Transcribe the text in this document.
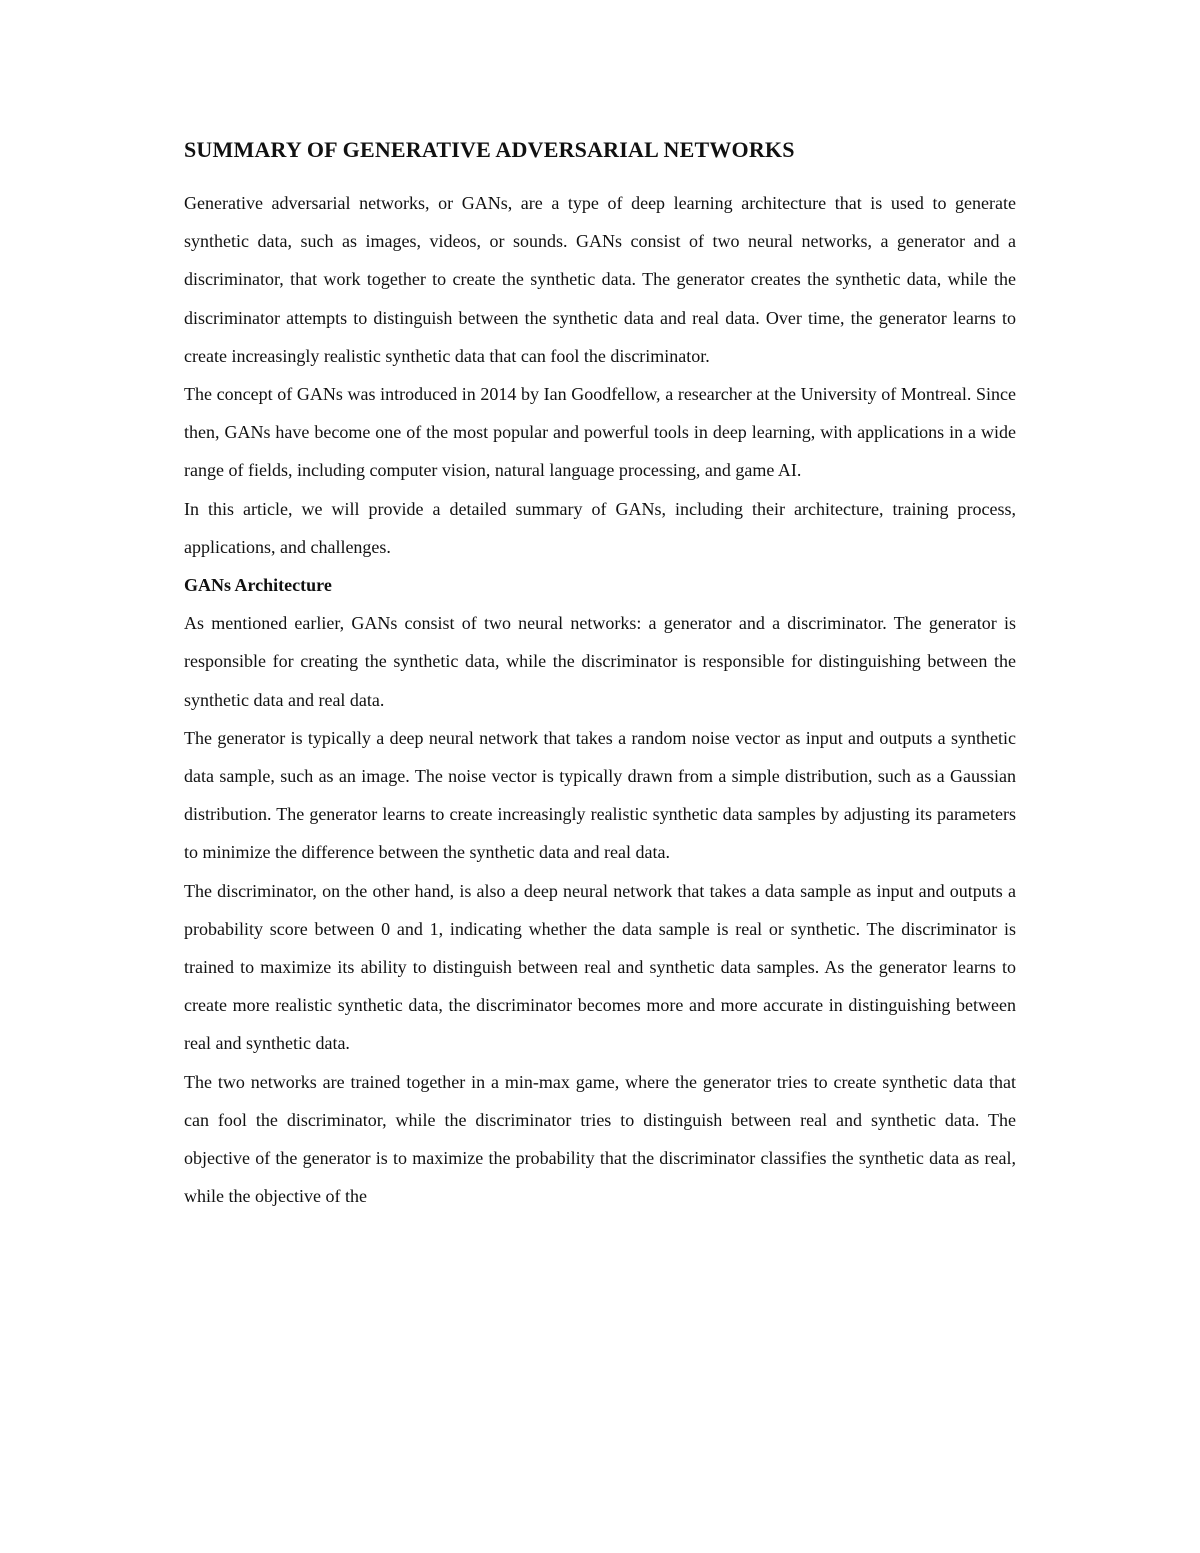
SUMMARY OF GENERATIVE ADVERSARIAL NETWORKS

Generative adversarial networks, or GANs, are a type of deep learning architecture that is used to generate synthetic data, such as images, videos, or sounds. GANs consist of two neural networks, a generator and a discriminator, that work together to create the synthetic data. The generator creates the synthetic data, while the discriminator attempts to distinguish between the synthetic data and real data. Over time, the generator learns to create increasingly realistic synthetic data that can fool the discriminator.

The concept of GANs was introduced in 2014 by Ian Goodfellow, a researcher at the University of Montreal. Since then, GANs have become one of the most popular and powerful tools in deep learning, with applications in a wide range of fields, including computer vision, natural language processing, and game AI.

In this article, we will provide a detailed summary of GANs, including their architecture, training process, applications, and challenges.

GANs Architecture

As mentioned earlier, GANs consist of two neural networks: a generator and a discriminator. The generator is responsible for creating the synthetic data, while the discriminator is responsible for distinguishing between the synthetic data and real data.

The generator is typically a deep neural network that takes a random noise vector as input and outputs a synthetic data sample, such as an image. The noise vector is typically drawn from a simple distribution, such as a Gaussian distribution. The generator learns to create increasingly realistic synthetic data samples by adjusting its parameters to minimize the difference between the synthetic data and real data.

The discriminator, on the other hand, is also a deep neural network that takes a data sample as input and outputs a probability score between 0 and 1, indicating whether the data sample is real or synthetic. The discriminator is trained to maximize its ability to distinguish between real and synthetic data samples. As the generator learns to create more realistic synthetic data, the discriminator becomes more and more accurate in distinguishing between real and synthetic data.

The two networks are trained together in a min-max game, where the generator tries to create synthetic data that can fool the discriminator, while the discriminator tries to distinguish between real and synthetic data. The objective of the generator is to maximize the probability that the discriminator classifies the synthetic data as real, while the objective of the
